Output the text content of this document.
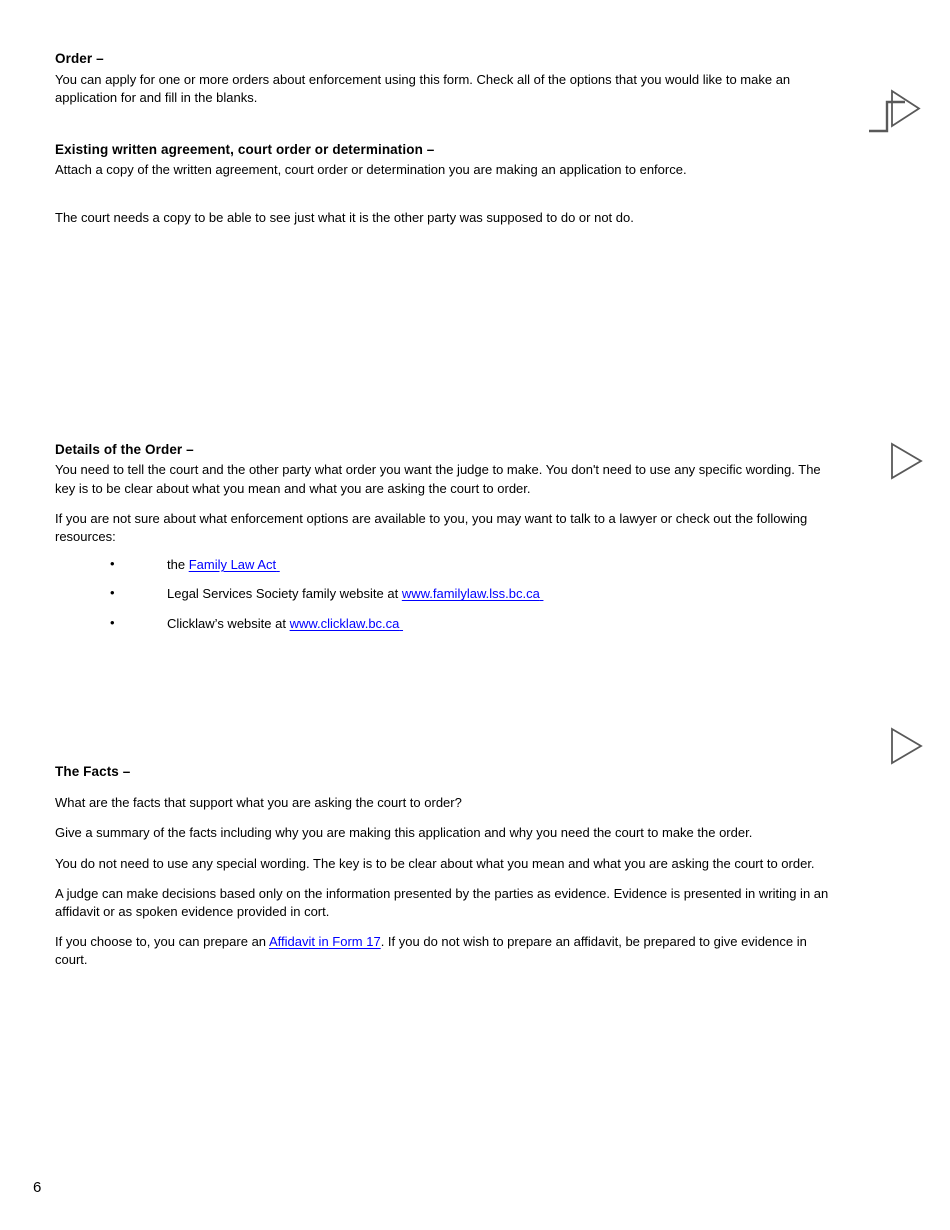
Order –

You can apply for one or more orders about enforcement using this form. Check all of the options that you would like to make an application for and fill in the blanks.

Existing written agreement, court order or determination –

Attach a copy of the written agreement, court order or determination you are making an application to enforce.

The court needs a copy to be able to see just what it is the other party was supposed to do or not do.

Details of the Order –

You need to tell the court and the other party what order you want the judge to make. You don't need to use any specific wording. The key is to be clear about what you mean and what you are asking the court to order.

If you are not sure about what enforcement options are available to you, you may want to talk to a lawyer or check out the following resources:

•	the Family Law Act
•	Legal Services Society family website at www.familylaw.lss.bc.ca
•	Clicklaw’s website at www.clicklaw.bc.ca
The Facts –

What are the facts that support what you are asking the court to order?

Give a summary of the facts including why you are making this application and why you need the court to make the order.

You do not need to use any special wording. The key is to be clear about what you mean and what you are asking the court to order.

A judge can make decisions based only on the information presented by the parties as evidence. Evidence is presented in writing in an affidavit or as spoken evidence provided in cort.

If you choose to, you can prepare an Affidavit in Form 17. If you do not wish to prepare an affidavit, be prepared to give evidence in court.

6
